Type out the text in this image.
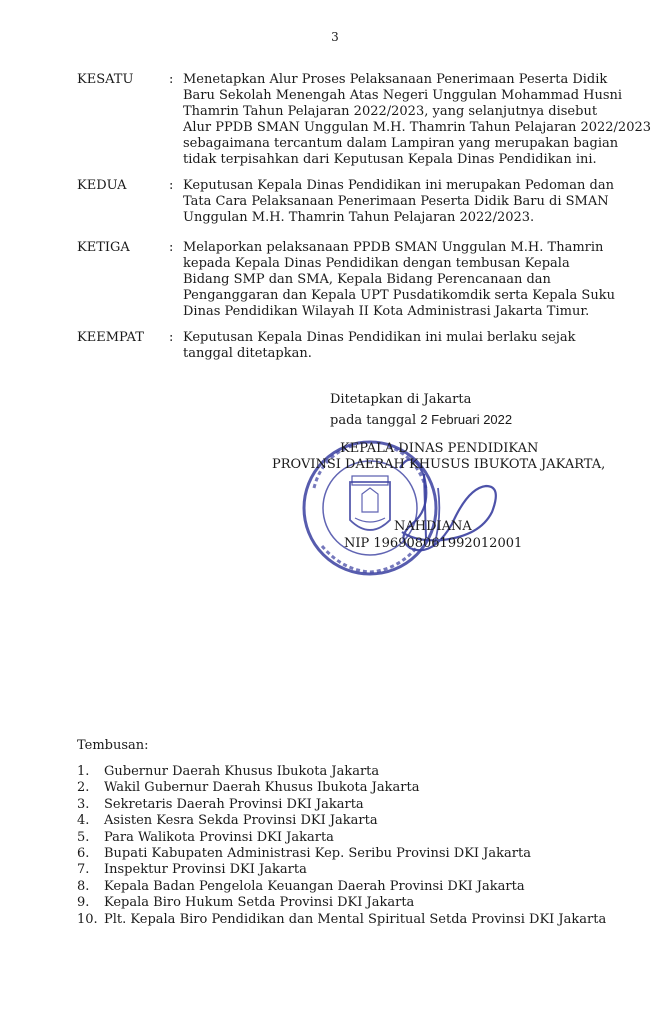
3
KESATU	: Menetapkan Alur Proses Pelaksanaan Penerimaan Peserta Didik
Baru Sekolah Menengah Atas Negeri Unggulan Mohammad Husni
Thamrin Tahun Pelajaran 2022/2023, yang selanjutnya disebut
Alur PPDB SMAN Unggulan M.H. Thamrin Tahun Pelajaran 2022/2023
sebagaimana tercantum dalam Lampiran yang merupakan bagian
tidak terpisahkan dari Keputusan Kepala Dinas Pendidikan ini.
KEDUA	: Keputusan Kepala Dinas Pendidikan ini merupakan Pedoman dan
Tata Cara Pelaksanaan Penerimaan Peserta Didik Baru di SMAN
Unggulan M.H. Thamrin Tahun Pelajaran 2022/2023.
KETIGA	: Melaporkan pelaksanaan PPDB SMAN Unggulan M.H. Thamrin
kepada Kepala Dinas Pendidikan dengan tembusan Kepala
Bidang SMP dan SMA, Kepala Bidang Perencanaan dan
Penganggaran dan Kepala UPT Pusdatikomdik serta Kepala Suku
Dinas Pendidikan Wilayah II Kota Administrasi Jakarta Timur.
KEEMPAT : Keputusan Kepala Dinas Pendidikan ini mulai berlaku sejak
tanggal ditetapkan.
Ditetapkan di Jakarta
pada tanggal 2 Februari 2022
KEPALA DINAS PENDIDIKAN
PROVINSI DAERAH KHUSUS IBUKOTA JAKARTA,
NAHDIANA
NIP 196908061992012001
Tembusan:
1. Gubernur Daerah Khusus Ibukota Jakarta
2. Wakil Gubernur Daerah Khusus Ibukota Jakarta
3. Sekretaris Daerah Provinsi DKI Jakarta
4. Asisten Kesra Sekda Provinsi DKI Jakarta
5. Para Walikota Provinsi DKI Jakarta
6. Bupati Kabupaten Administrasi Kep. Seribu Provinsi DKI Jakarta
7. Inspektur Provinsi DKI Jakarta
8. Kepala Badan Pengelola Keuangan Daerah Provinsi DKI Jakarta
9. Kepala Biro Hukum Setda Provinsi DKI Jakarta
10. Plt. Kepala Biro Pendidikan dan Mental Spiritual Setda Provinsi DKI Jakarta
